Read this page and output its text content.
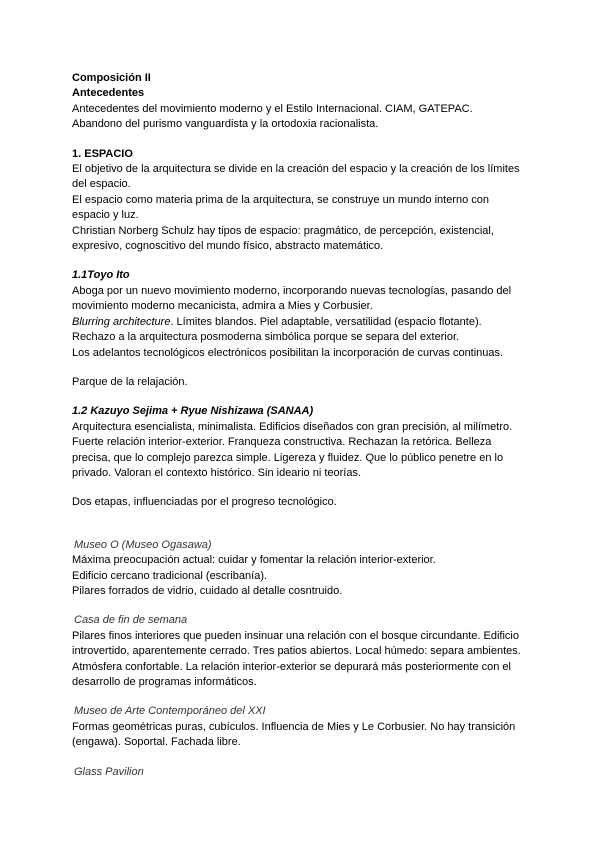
Composición II

Antecedentes

Antecedentes del movimiento moderno y el Estilo Internacional. CIAM, GATEPAC.

Abandono del purismo vanguardista y la ortodoxia racionalista.

1. ESPACIO

El objetivo de la arquitectura se divide en la creación del espacio y la creación de los límites

del espacio.

El espacio como materia prima de la arquitectura, se construye un mundo interno con

espacio y luz.

Christian Norberg Schulz hay tipos de espacio: pragmático, de percepción, existencial,

expresivo, cognoscitivo del mundo físico, abstracto matemático.

1.1Toyo Ito

Aboga por un nuevo movimiento moderno, incorporando nuevas tecnologías, pasando del

movimiento moderno mecanicista, admira a Mies y Corbusier.

Blurring architecture. Límites blandos. Piel adaptable, versatilidad (espacio flotante).

Rechazo a la arquitectura posmoderna simbólica porque se separa del exterior.

Los adelantos tecnológicos electrónicos posibilitan la incorporación de curvas continuas.

Parque de la relajación.

1.2 Kazuyo Sejima + Ryue Nishizawa (SANAA)

Arquitectura esencialista, minimalista. Edificios diseñados con gran precisión, al milímetro.

Fuerte relación interior-exterior. Franqueza constructiva. Rechazan la retórica. Belleza

precisa, que lo complejo parezca simple. Ligereza y fluidez. Que lo público penetre en lo

privado. Valoran el contexto histórico. Sin ideario ni teorías.

Dos etapas, influenciadas por el progreso tecnológico.

Museo O (Museo Ogasawa)

Máxima preocupación actual: cuidar y fomentar la relación interior-exterior.

Edificio cercano tradicional (escribanía).

Pilares forrados de vidrio, cuidado al detalle cosntruido.

Casa de fin de semana

Pilares finos interiores que pueden insinuar una relación con el bosque circundante. Edificio

introvertido, aparentemente cerrado. Tres patios abiertos. Local húmedo: separa ambientes.

Atmósfera confortable. La relación interior-exterior se depurará más posteriormente con el

desarrollo de programas informáticos.

Museo de Arte Contemporáneo del XXI

Formas geométricas puras, cubículos. Influencia de Mies y Le Corbusier. No hay transición

(engawa). Soportal. Fachada libre.

Glass Pavilion
